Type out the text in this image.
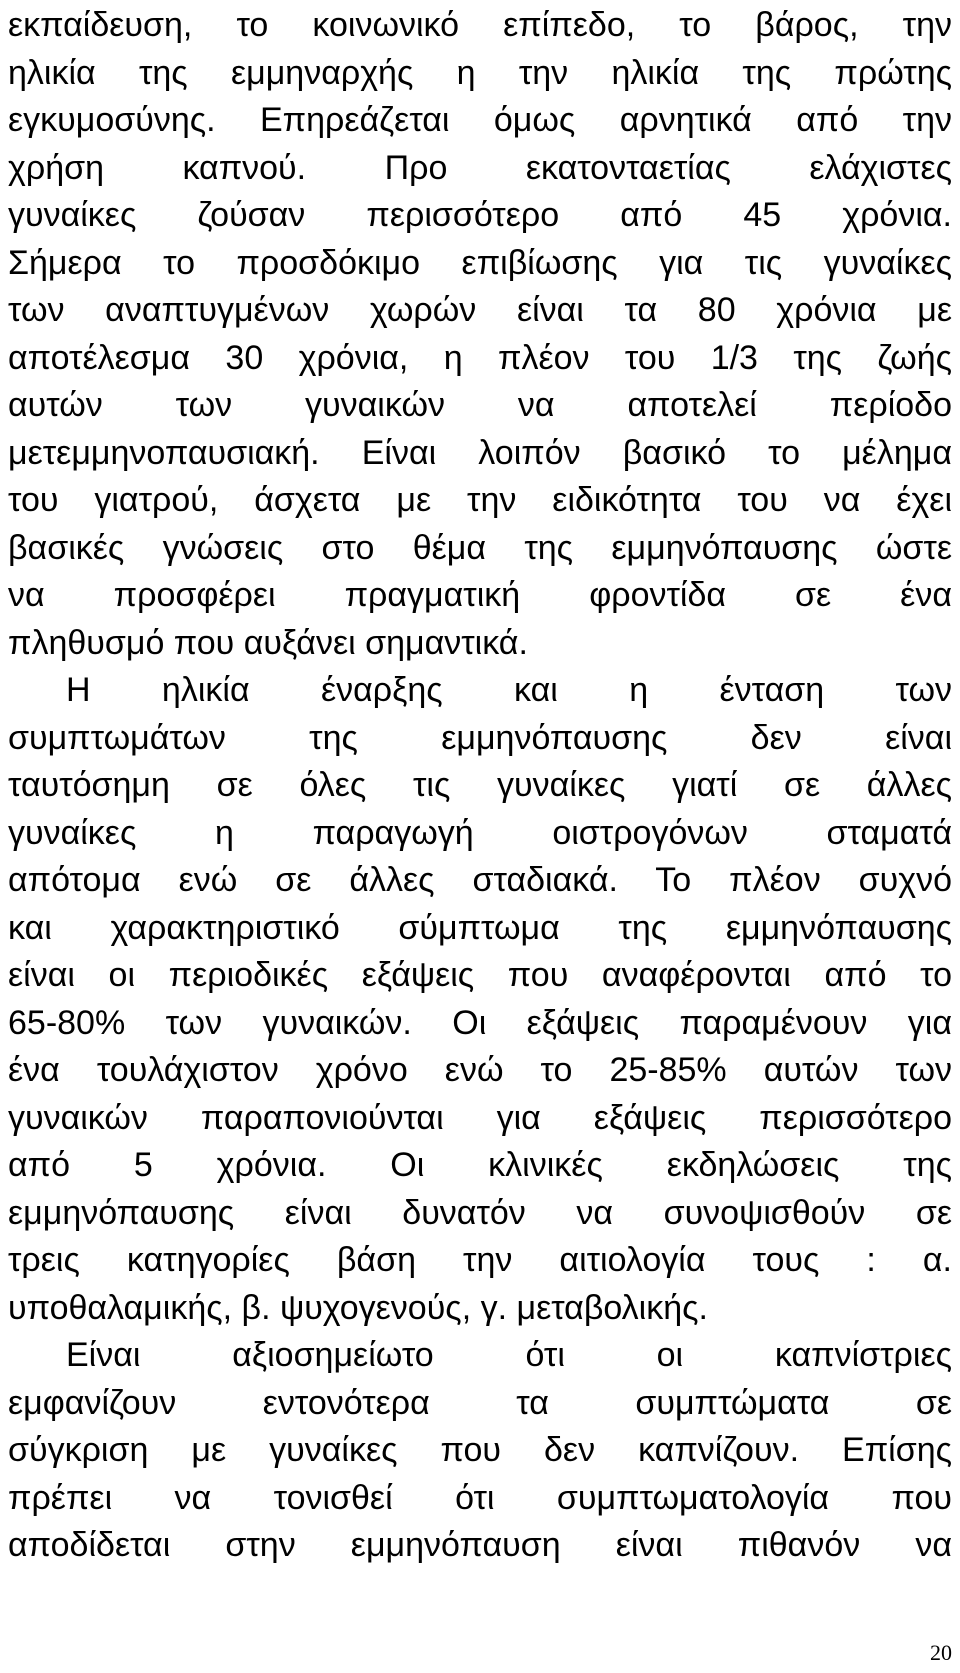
εκπαίδευση, το κοινωνικό επίπεδο, το βάρος, την
ηλικία της εμμηναρχής η την ηλικία της πρώτης
εγκυμοσύνης. Επηρεάζεται όμως αρνητικά από την
χρήση καπνού. Προ εκατονταετίας ελάχιστες
γυναίκες ζούσαν περισσότερο από 45 χρόνια.
Σήμερα το προσδόκιμο επιβίωσης για τις γυναίκες
των αναπτυγμένων χωρών είναι τα 80 χρόνια με
αποτέλεσμα 30 χρόνια, η πλέον του 1/3 της ζωής
αυτών των γυναικών να αποτελεί περίοδο
μετεμμηνοπαυσιακή. Είναι λοιπόν βασικό το μέλημα
του γιατρού, άσχετα με την ειδικότητα του να έχει
βασικές γνώσεις στο θέμα της εμμηνόπαυσης ώστε
να προσφέρει πραγματική φροντίδα σε ένα
πληθυσμό που αυξάνει σημαντικά.
Η ηλικία έναρξης και η ένταση των
συμπτωμάτων της εμμηνόπαυσης δεν είναι
ταυτόσημη σε όλες τις γυναίκες γιατί σε άλλες
γυναίκες η παραγωγή οιστρογόνων σταματά
απότομα ενώ σε άλλες σταδιακά. Το πλέον συχνό
και χαρακτηριστικό σύμπτωμα της εμμηνόπαυσης
είναι οι περιοδικές εξάψεις που αναφέρονται από το
65-80% των γυναικών. Οι εξάψεις παραμένουν για
ένα τουλάχιστον χρόνο ενώ το 25-85% αυτών των
γυναικών παραπονιούνται για εξάψεις περισσότερο
από 5 χρόνια. Οι κλινικές εκδηλώσεις της
εμμηνόπαυσης είναι δυνατόν να συνοψισθούν σε
τρεις κατηγορίες βάση την αιτιολογία τους : α.
υποθαλαμικής, β. ψυχογενούς, γ. μεταβολικής.
Είναι αξιοσημείωτο ότι οι καπνίστριες
εμφανίζουν εντονότερα τα συμπτώματα σε
σύγκριση με γυναίκες που δεν καπνίζουν. Επίσης
πρέπει να τονισθεί ότι συμπτωματολογία που
αποδίδεται στην εμμηνόπαυση είναι πιθανόν να
20
